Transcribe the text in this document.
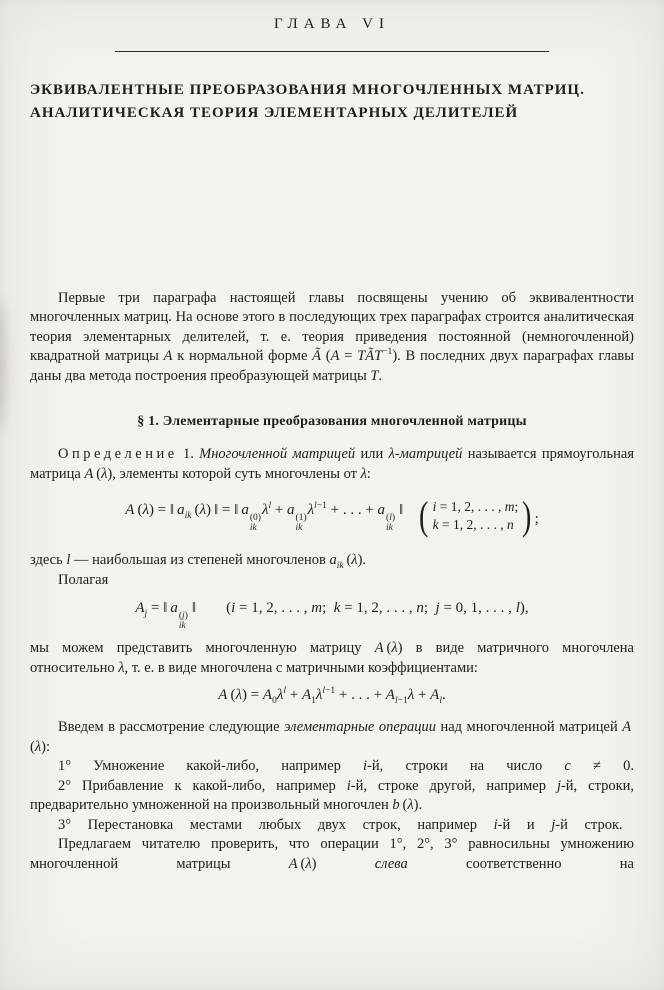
ГЛАВА VI
ЭКВИВАЛЕНТНЫЕ ПРЕОБРАЗОВАНИЯ МНОГОЧЛЕННЫХ МАТРИЦ.
АНАЛИТИЧЕСКАЯ ТЕОРИЯ ЭЛЕМЕНТАРНЫХ ДЕЛИТЕЛЕЙ

Первые три параграфа настоящей главы посвящены учению об эквивалентности многочленных матриц. На основе этого в последующих трех параграфах строится аналитическая теория элементарных делителей, т. е. теория приведения постоянной (немногочленной) квадратной матрицы A к нормальной форме Ã $(A = TÃT^{-1})$. В последних двух параграфах главы даны два метода построения преобразующей матрицы T.

§ 1. Элементарные преобразования многочленной матрицы

Определение 1. Многочленной матрицей или λ-матрицей называется прямоугольная матрица A (λ), элементы которой суть многочлены от λ:

A (λ) = ‖ $a_{ik}$ (λ) ‖ = ‖ a (0)
ik
$\lambda^l + a$ (1)
ik
$\lambda^{l-1}$ + . . . + a (l)
ik
 ‖ ( i = 1, 2, . . . , m;
k = 1, 2, . . . , n ) ;

здесь l — наибольшая из степеней многочленов $a_{ik}$ (λ).

Полагая

$A_j$ = ‖ a (j)
ik
 ‖  (i = 1, 2, . . . , m; k = 1, 2, . . . , n; j = 0, 1, . . . , l),

мы можем представить многочленную матрицу A (λ) в виде матричного многочлена относительно λ, т. е. в виде многочлена с матричными коэффициентами:

A $(\lambda) = A_0\lambda^l + A_1\lambda^{l-1}$ + . . . + $A_{l-1}\lambda + A_l$.

Введем в рассмотрение следующие элементарные операции над многочленной матрицей A (λ):

1° Умножение какой-либо, например i-й, строки на число c ≠ 0.

2° Прибавление к какой-либо, например i-й, строке другой, например j-й, строки, предварительно умноженной на произвольный многочлен b (λ).

3° Перестановка местами любых двух строк, например i-й и j-й строк.

Предлагаем читателю проверить, что операции 1°, 2°, 3° равносильны умножению многочленной матрицы A (λ) слева соответственно на
